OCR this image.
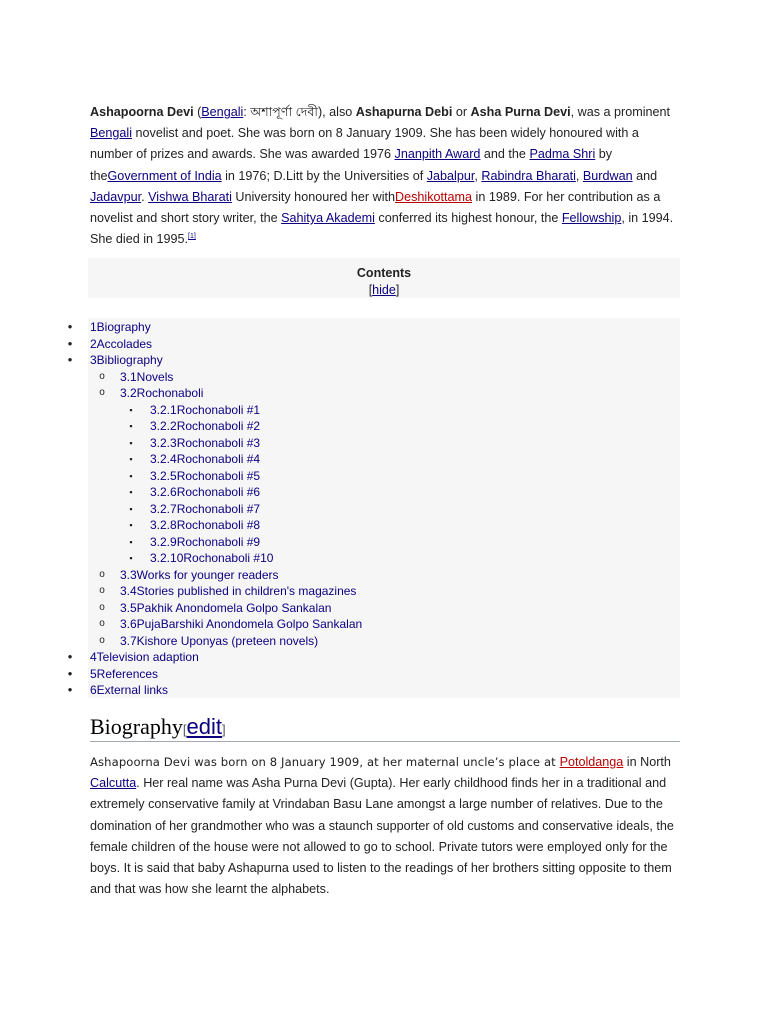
Ashapoorna Devi (Bengali: অশাপূর্ণা দেবী), also Ashapurna Debi or Asha Purna Devi, was a prominent Bengali novelist and poet. She was born on 8 January 1909. She has been widely honoured with a number of prizes and awards. She was awarded 1976 Jnanpith Award and the Padma Shri by theGovernment of India in 1976; D.Litt by the Universities of Jabalpur, Rabindra Bharati, Burdwan and Jadavpur. Vishwa Bharati University honoured her withDeshikottama in 1989. For her contribution as a novelist and short story writer, the Sahitya Akademi conferred its highest honour, the Fellowship, in 1994. She died in 1995.[1]
Contents
[hide]
•
1Biography
•
2Accolades
•
3Bibliography
o
3.1Novels
o
3.2Rochonaboli
▪
3.2.1Rochonaboli #1
▪
3.2.2Rochonaboli #2
▪
3.2.3Rochonaboli #3
▪
3.2.4Rochonaboli #4
▪
3.2.5Rochonaboli #5
▪
3.2.6Rochonaboli #6
▪
3.2.7Rochonaboli #7
▪
3.2.8Rochonaboli #8
▪
3.2.9Rochonaboli #9
▪
3.2.10Rochonaboli #10
o
3.3Works for younger readers
o
3.4Stories published in children's magazines
o
3.5Pakhik Anondomela Golpo Sankalan
o
3.6PujaBarshiki Anondomela Golpo Sankalan
o
3.7Kishore Uponyas (preteen novels)
•
4Television adaption
•
5References
•
6External links
Biography[edit]
Ashapoorna Devi was born on 8 January 1909, at her maternal uncle’s place at Potoldanga in North Calcutta. Her real name was Asha Purna Devi (Gupta). Her early childhood finds her in a traditional and extremely conservative family at Vrindaban Basu Lane amongst a large number of relatives. Due to the domination of her grandmother who was a staunch supporter of old customs and conservative ideals, the female children of the house were not allowed to go to school. Private tutors were employed only for the boys. It is said that baby Ashapurna used to listen to the readings of her brothers sitting opposite to them and that was how she learnt the alphabets.
